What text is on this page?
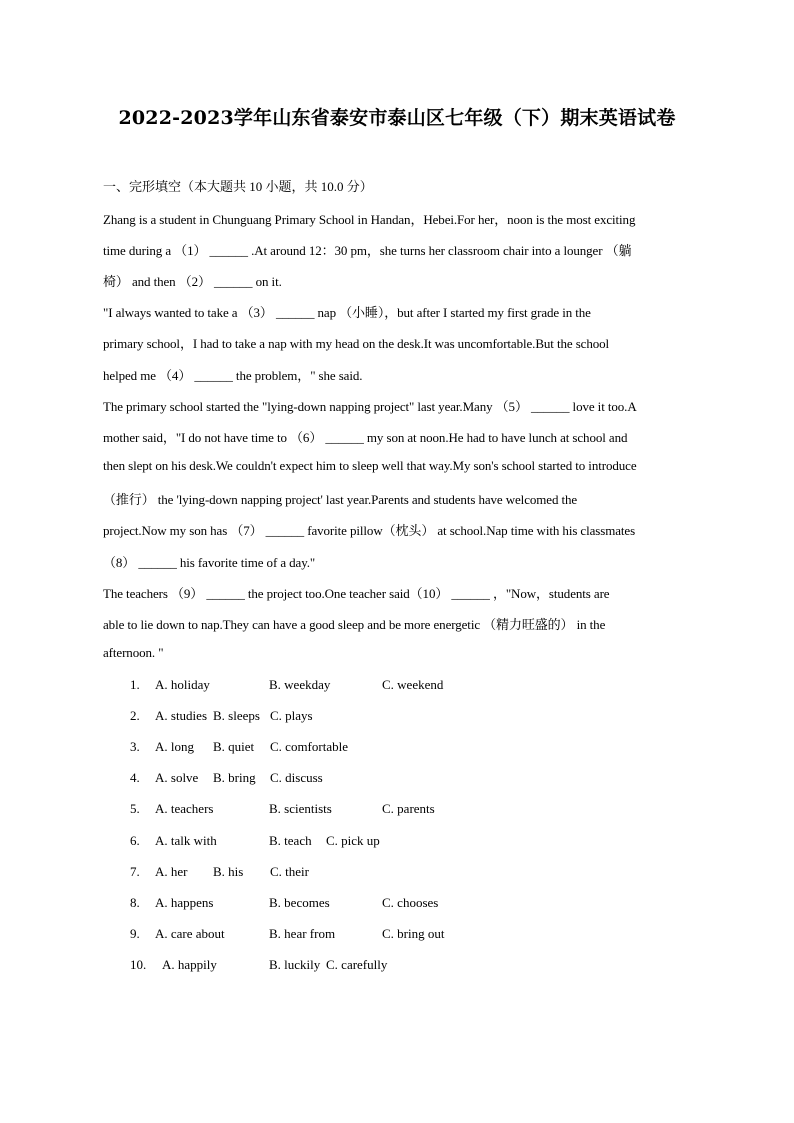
2022-2023学年山东省泰安市泰山区七年级（下）期末英语试卷
一、完形填空（本大题共 10 小题，共 10.0 分）
Zhang is a student in Chunguang Primary School in Handan，Hebei.For her，noon is the most exciting
time during a （1） ______ .At around 12：30 pm，she turns her classroom chair into a lounger （躺
椅） and then （2） ______ on it.
"I always wanted to take a （3） ______ nap （小睡），but after I started my first grade in the
primary school，I had to take a nap with my head on the desk.It was uncomfortable.But the school
helped me （4） ______ the problem，" she said.
The primary school started the "lying-down napping project" last year.Many （5） ______ love it too.A
mother said，"I do not have time to （6） ______ my son at noon.He had to have lunch at school and
then slept on his desk.We couldn't expect him to sleep well that way.My son's school started to introduce
（推行） the 'lying-down napping project' last year.Parents and students have welcomed the
project.Now my son has （7） ______ favorite pillow（枕头） at school.Nap time with his classmates
（8） ______ his favorite time of a day."
The teachers （9） ______ the project too.One teacher said（10） ______ ，"Now，students are
able to lie down to nap.They can have a good sleep and be more energetic （精力旺盛的） in the
afternoon. "
1. A. holiday	B. weekday	C. weekend
2. A. studies B. sleeps C. plays
3. A. long B. quiet C. comfortable
4. A. solve B. bring C. discuss
5. A. teachers	B. scientists	C. parents
6. A. talk with	B. teach C. pick up
7. A. her B. his C. their
8. A. happens	B. becomes	C. chooses
9. A. care about	B. hear from	C. bring out
10. A. happily	B. luckily C. carefully
